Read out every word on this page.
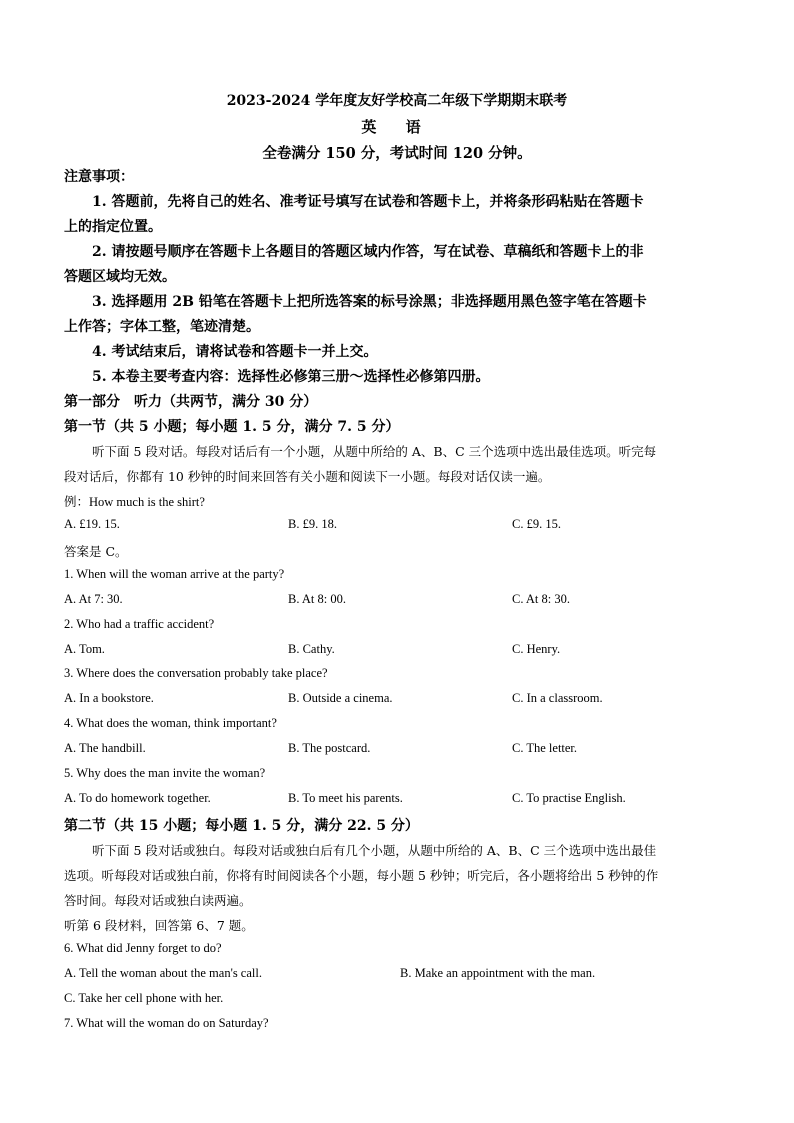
2023-2024 学年度友好学校高二年级下学期期末联考
英 语
全卷满分 150 分，考试时间 120 分钟。
注意事项：
1. 答题前，先将自己的姓名、准考证号填写在试卷和答题卡上，并将条形码粘贴在答题卡
上的指定位置。
2. 请按题号顺序在答题卡上各题目的答题区域内作答，写在试卷、草稿纸和答题卡上的非
答题区域均无效。
3. 选择题用 2B 铅笔在答题卡上把所选答案的标号涂黑；非选择题用黑色签字笔在答题卡
上作答；字体工整，笔迹清楚。
4. 考试结束后，请将试卷和答题卡一并上交。
5. 本卷主要考查内容：选择性必修第三册～选择性必修第四册。
第一部分　听力（共两节，满分 30 分）
第一节（共 5 小题；每小题 1. 5 分，满分 7. 5 分）
听下面 5 段对话。每段对话后有一个小题，从题中所给的 A、B、C 三个选项中选出最佳选项。听完每
段对话后，你都有 10 秒钟的时间来回答有关小题和阅读下一小题。每段对话仅读一遍。
例：How much is the shirt?
A. £19. 15.	B. £9. 18.	C. £9. 15.
答案是 C。
1. When will the woman arrive at the party?
A. At 7: 30.	B. At 8: 00.	C. At 8: 30.
2. Who had a traffic accident?
A. Tom.	B. Cathy.	C. Henry.
3. Where does the conversation probably take place?
A. In a bookstore.	B. Outside a cinema.	C. In a classroom.
4. What does the woman, think important?
A. The handbill.	B. The postcard.	C. The letter.
5. Why does the man invite the woman?
A. To do homework together.	B. To meet his parents.	C. To practise English.
第二节（共 15 小题；每小题 1. 5 分，满分 22. 5 分）
听下面 5 段对话或独白。每段对话或独白后有几个小题，从题中所给的 A、B、C 三个选项中选出最佳
选项。听每段对话或独白前，你将有时间阅读各个小题，每小题 5 秒钟；听完后，各小题将给出 5 秒钟的作
答时间。每段对话或独白读两遍。
听第 6 段材料，回答第 6、7 题。
6. What did Jenny forget to do?
A. Tell the woman about the man's call.	B. Make an appointment with the man.
C. Take her cell phone with her.
7. What will the woman do on Saturday?
